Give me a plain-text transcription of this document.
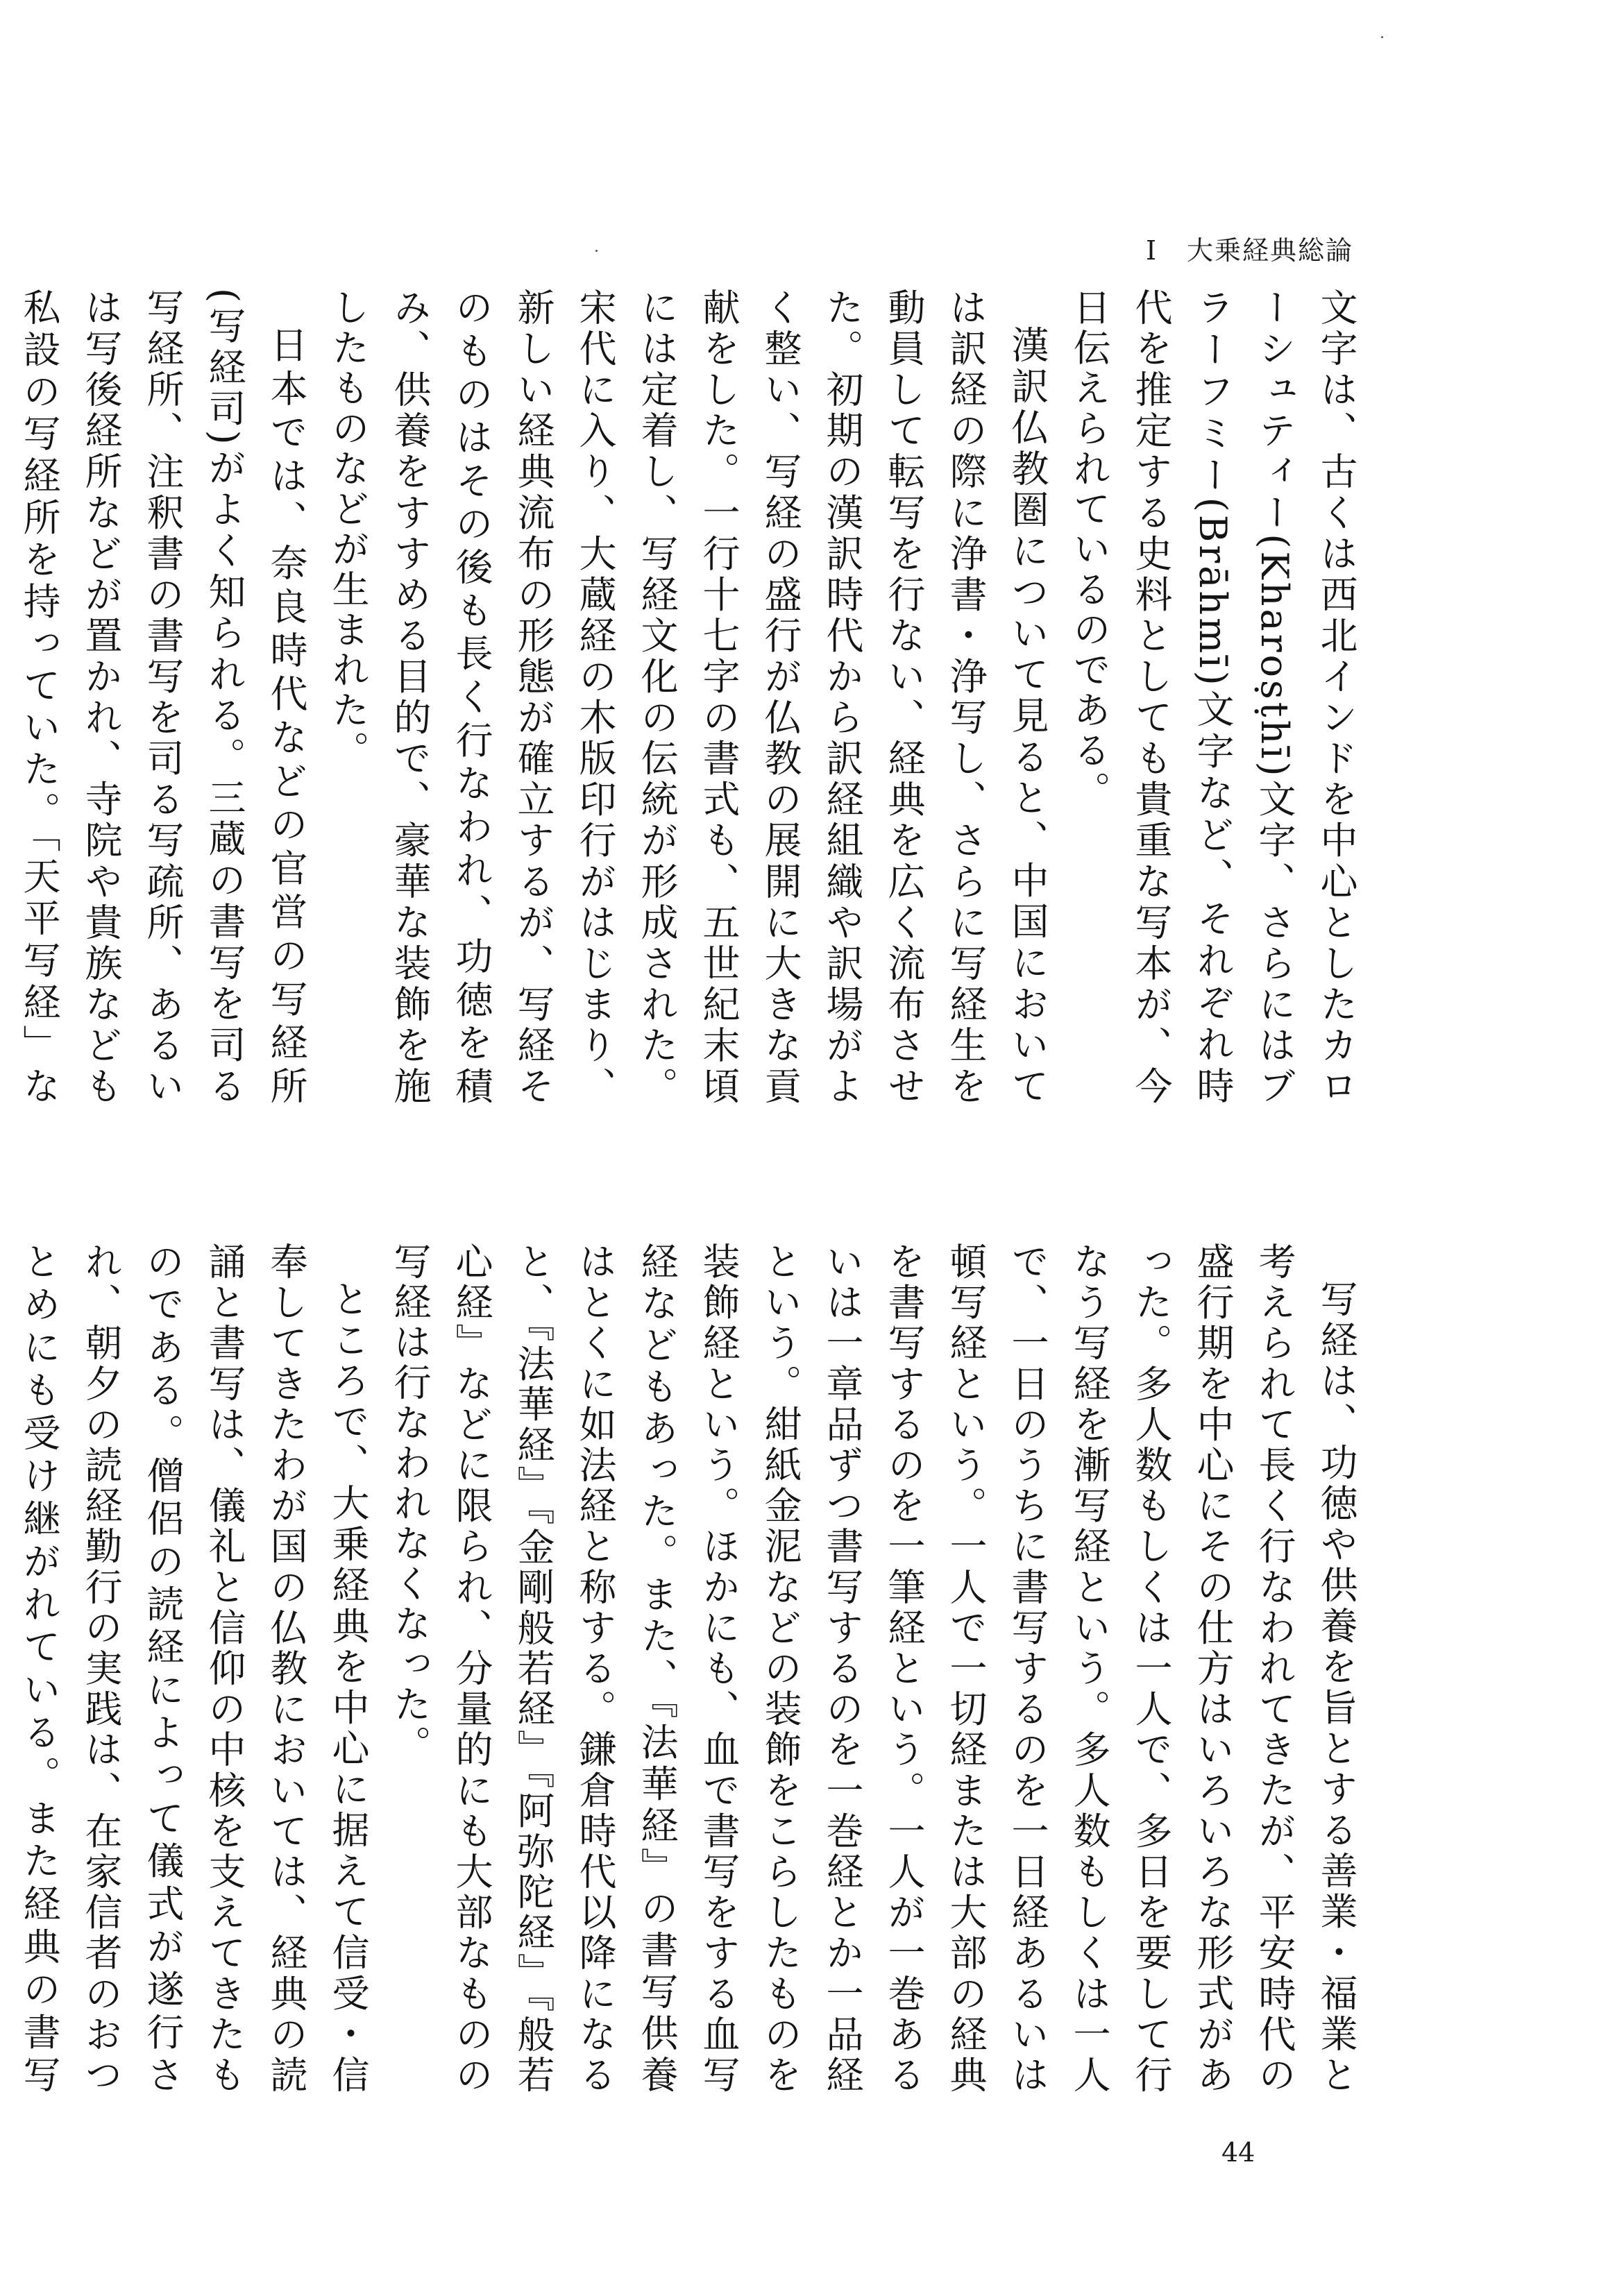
I 大乗経典総論

文字は、古くは西北インドを中心としたカローシュティー(Kharoṣṭhī)文字、さらにはブラーフミー(Brāhmī)文字など、それぞれ時代を推定する史料としても貴重な写本が、今日伝えられているのである。

漢訳仏教圏について見ると、中国においては訳経の際に浄書・浄写し、さらに写経生を動員して転写を行ない、経典を広く流布させた。初期の漢訳時代から訳経組織や訳場がよく整い、写経の盛行が仏教の展開に大きな貢献をした。一行十七字の書式も、五世紀末頃には定着し、写経文化の伝統が形成された。宋代に入り、大蔵経の木版印行がはじまり、新しい経典流布の形態が確立するが、写経そのものはその後も長く行なわれ、功徳を積み、供養をすすめる目的で、豪華な装飾を施したものなどが生まれた。

日本では、奈良時代などの官営の写経所(写経司)がよく知られる。三蔵の書写を司る写経所、注釈書の書写を司る写疏所、あるいは写後経所などが置かれ、寺院や貴族なども私設の写経所を持っていた。「天平写経」な

写経は、功徳や供養を旨とする善業・福業と考えられて長く行なわれてきたが、平安時代の盛行期を中心にその仕方はいろいろな形式があった。多人数もしくは一人で、多日を要して行なう写経を漸写経という。多人数もしくは一人で、一日のうちに書写するのを一日経あるいは頓写経という。一人で一切経または大部の経典を書写するのを一筆経という。一人が一巻あるいは一章品ずつ書写するのを一巻経とか一品経という。紺紙金泥などの装飾をこらしたものを装飾経という。ほかにも、血で書写をする血写経などもあった。また、『法華経』の書写供養はとくに如法経と称する。鎌倉時代以降になると、『法華経』『金剛般若経』『阿弥陀経』『般若心経』などに限られ、分量的にも大部なものの写経は行なわれなくなった。

ところで、大乗経典を中心に据えて信受・信奉してきたわが国の仏教においては、経典の読誦と書写は、儀礼と信仰の中核を支えてきたものである。僧侶の読経によって儀式が遂行され、朝夕の読経勤行の実践は、在家信者のおつとめにも受け継がれている。また経典の書写

44
